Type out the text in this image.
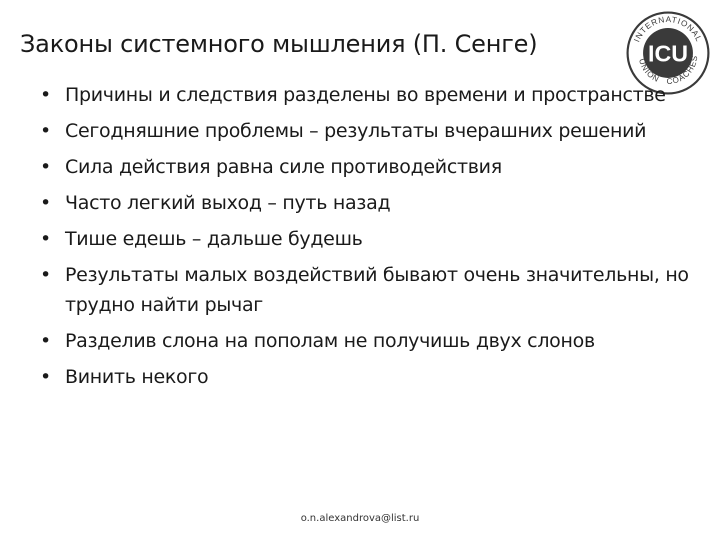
Законы системного мышления (П. Сенге)	ICU
INTERNATIONAL
UNION COACHES
• Причины и следствия разделены во времени и пространстве
• Сегодняшние проблемы – результаты вчерашних решений
• Сила действия равна силе противодействия
• Часто легкий выход – путь назад
• Тише едешь – дальше будешь
• Результаты малых воздействий бывают очень значительны, но трудно найти рычаг
• Разделив слона на пополам не получишь двух слонов
• Винить некого
o.n.alexandrova@list.ru
